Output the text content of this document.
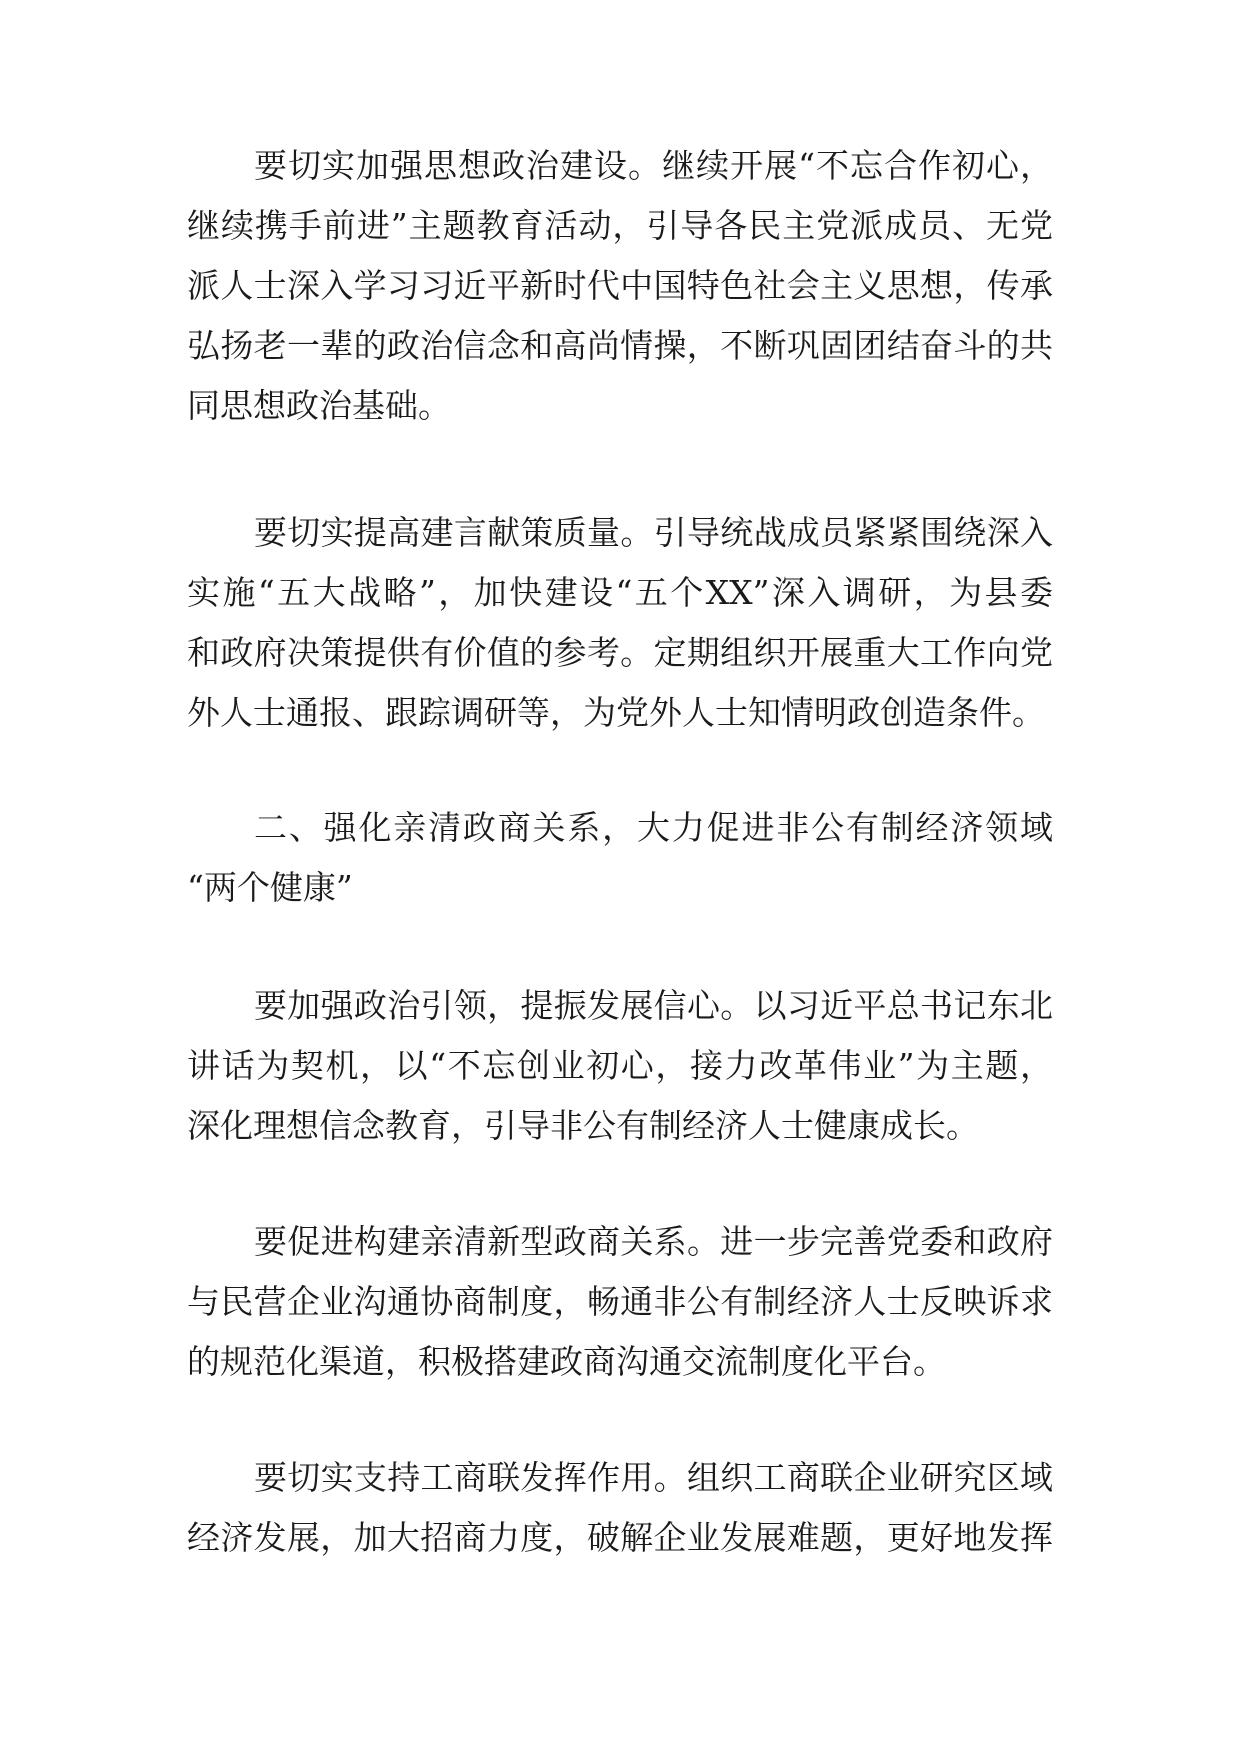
要切实加强思想政治建设。继续开展“不忘合作初心，
继续携手前进”主题教育活动，引导各民主党派成员、无党
派人士深入学习习近平新时代中国特色社会主义思想，传承
弘扬老一辈的政治信念和高尚情操，不断巩固团结奋斗的共
同思想政治基础。
要切实提高建言献策质量。引导统战成员紧紧围绕深入
实施“五大战略”，加快建设“五个XX”深入调研，为县委
和政府决策提供有价值的参考。定期组织开展重大工作向党
外人士通报、跟踪调研等，为党外人士知情明政创造条件。
二、强化亲清政商关系，大力促进非公有制经济领域
“两个健康”
要加强政治引领，提振发展信心。以习近平总书记东北
讲话为契机，以“不忘创业初心，接力改革伟业”为主题，
深化理想信念教育，引导非公有制经济人士健康成长。
要促进构建亲清新型政商关系。进一步完善党委和政府
与民营企业沟通协商制度，畅通非公有制经济人士反映诉求
的规范化渠道，积极搭建政商沟通交流制度化平台。
要切实支持工商联发挥作用。组织工商联企业研究区域
经济发展，加大招商力度，破解企业发展难题，更好地发挥
